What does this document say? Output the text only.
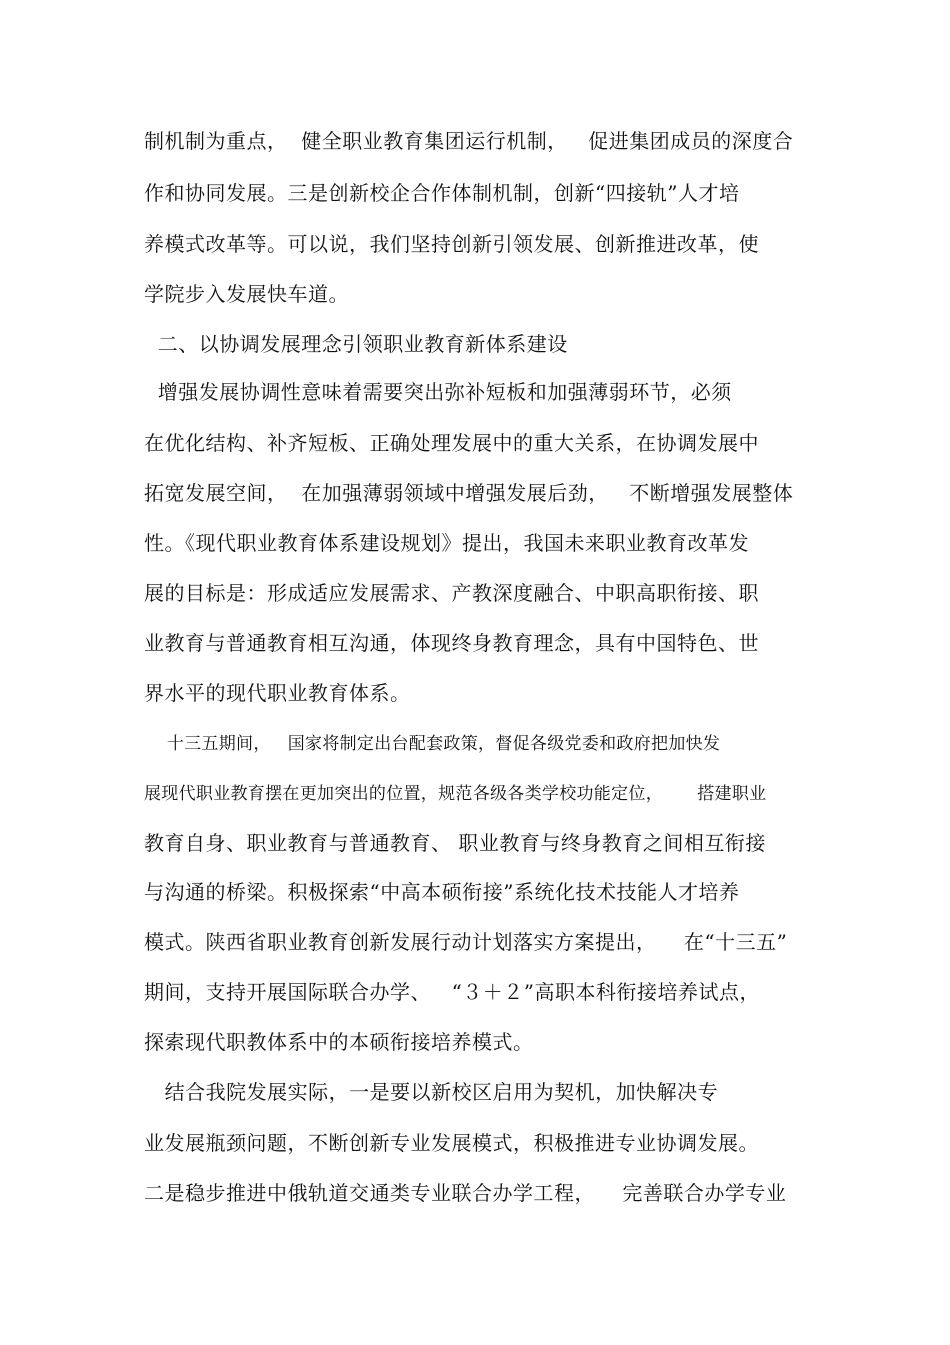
制机制为重点，  健全职业教育集团运行机制，   促进集团成员的深度合
作和协同发展。三是创新校企合作体制机制，创新“四接轨”人才培
养模式改革等。可以说，我们坚持创新引领发展、创新推进改革，使
学院步入发展快车道。
二、以协调发展理念引领职业教育新体系建设
增强发展协调性意味着需要突出弥补短板和加强薄弱环节，必须
在优化结构、补齐短板、正确处理发展中的重大关系，在协调发展中
拓宽发展空间，  在加强薄弱领域中增强发展后劲，   不断增强发展整体
性。《现代职业教育体系建设规划》提出，我国未来职业教育改革发
展的目标是：形成适应发展需求、产教深度融合、中职高职衔接、职
业教育与普通教育相互沟通，体现终身教育理念，具有中国特色、世
界水平的现代职业教育体系。
十三五期间，   国家将制定出台配套政策，督促各级党委和政府把加快发
展现代职业教育摆在更加突出的位置，规范各级各类学校功能定位，      搭建职业
教育自身、职业教育与普通教育、 职业教育与终身教育之间相互衔接
与沟通的桥梁。积极探索“中高本硕衔接”系统化技术技能人才培养
模式。陕西省职业教育创新发展行动计划落实方案提出，    在“十三五”
期间，支持开展国际联合办学、   “３＋２”高职本科衔接培养试点，
探索现代职教体系中的本硕衔接培养模式。
结合我院发展实际，一是要以新校区启用为契机，加快解决专
业发展瓶颈问题，不断创新专业发展模式，积极推进专业协调发展。
二是稳步推进中俄轨道交通类专业联合办学工程，    完善联合办学专业
